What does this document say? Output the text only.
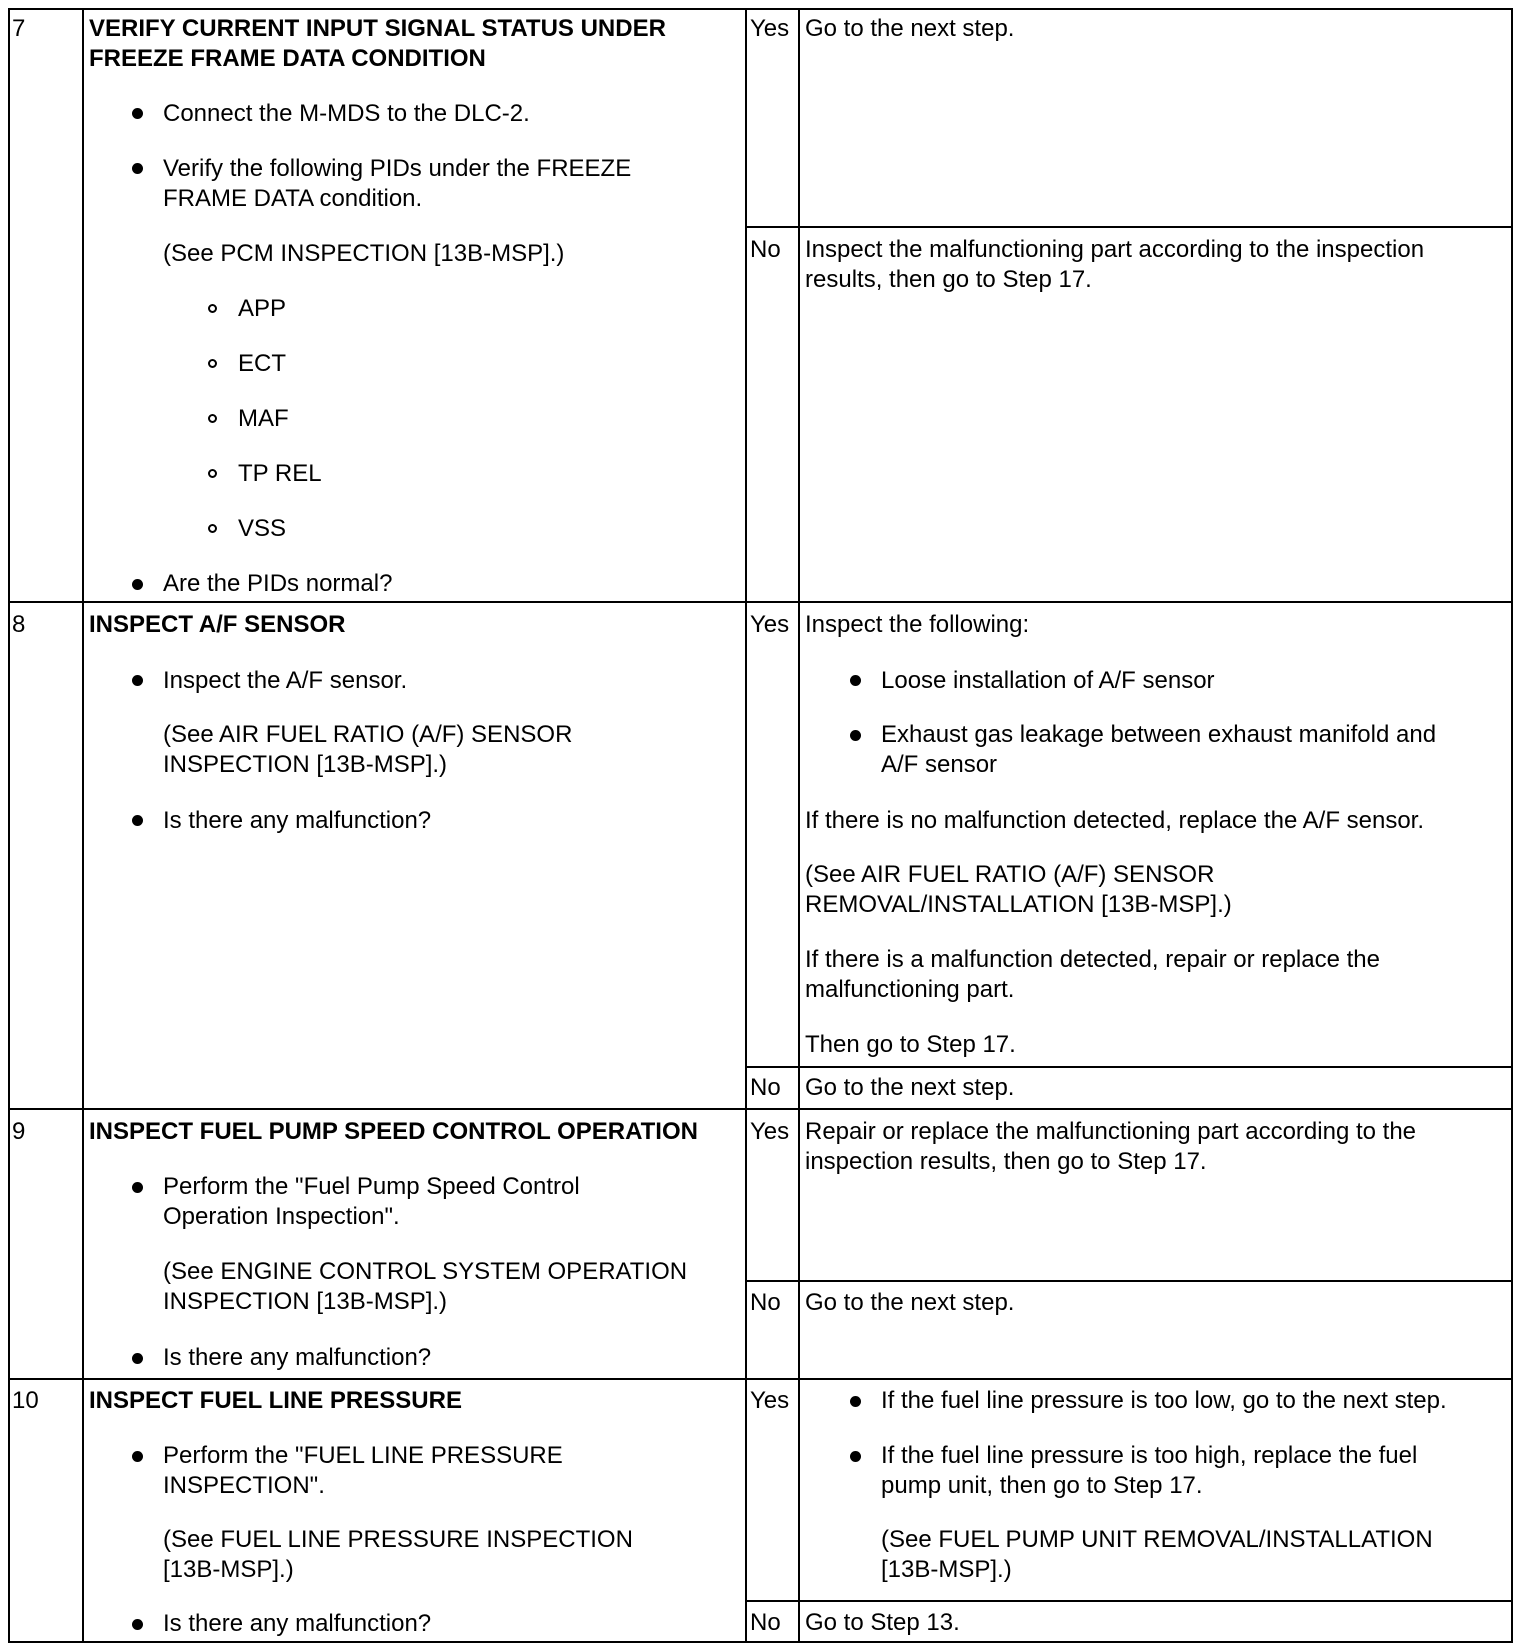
7	VERIFY CURRENT INPUT SIGNAL STATUS UNDER
FREEZE FRAME DATA CONDITION
Connect the M-MDS to the DLC-2.
Verify the following PIDs under the FREEZE
FRAME DATA condition.
(See PCM INSPECTION [13B-MSP].)
APP
ECT
MAF
TP REL
VSS
Are the PIDs normal?
Yes Go to the next step.
No Inspect the malfunctioning part according to the inspection
results, then go to Step 17.
8	INSPECT A/F SENSOR
Inspect the A/F sensor.
(See AIR FUEL RATIO (A/F) SENSOR
INSPECTION [13B-MSP].)
Is there any malfunction?
Yes Inspect the following:
Loose installation of A/F sensor
Exhaust gas leakage between exhaust manifold and
A/F sensor
If there is no malfunction detected, replace the A/F sensor.
(See AIR FUEL RATIO (A/F) SENSOR
REMOVAL/INSTALLATION [13B-MSP].)
If there is a malfunction detected, repair or replace the
malfunctioning part.
Then go to Step 17.
No Go to the next step.
9	INSPECT FUEL PUMP SPEED CONTROL OPERATION
Perform the "Fuel Pump Speed Control
Operation Inspection".
(See ENGINE CONTROL SYSTEM OPERATION
INSPECTION [13B-MSP].)
Is there any malfunction?
Yes Repair or replace the malfunctioning part according to the
inspection results, then go to Step 17.
No Go to the next step.
10 INSPECT FUEL LINE PRESSURE
Perform the "FUEL LINE PRESSURE
INSPECTION".
(See FUEL LINE PRESSURE INSPECTION
[13B-MSP].)
Is there any malfunction?
Yes	If the fuel line pressure is too low, go to the next step.
If the fuel line pressure is too high, replace the fuel
pump unit, then go to Step 17.
(See FUEL PUMP UNIT REMOVAL/INSTALLATION
[13B-MSP].)
No Go to Step 13.
